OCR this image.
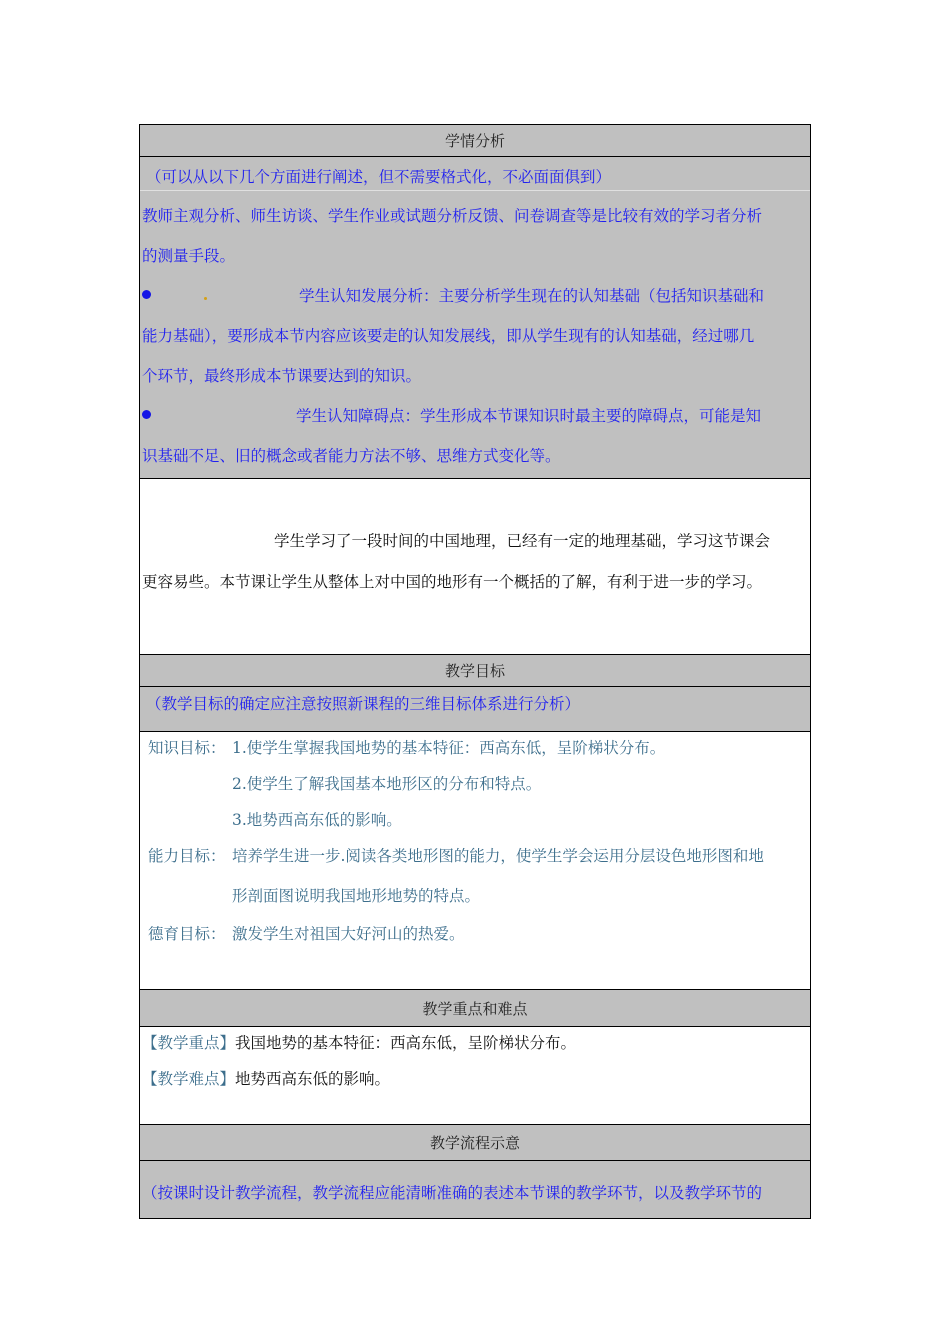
学情分析
（可以从以下几个方面进行阐述，但不需要格式化，不必面面俱到）
教师主观分析、师生访谈、学生作业或试题分析反馈、问卷调查等是比较有效的学习者分析
的测量手段。
学生认知发展分析：主要分析学生现在的认知基础（包括知识基础和
能力基础），要形成本节内容应该要走的认知发展线，即从学生现有的认知基础，经过哪几
个环节，最终形成本节课要达到的知识。
学生认知障碍点：学生形成本节课知识时最主要的障碍点，可能是知
识基础不足、旧的概念或者能力方法不够、思维方式变化等。
学生学习了一段时间的中国地理，已经有一定的地理基础，学习这节课会
更容易些。本节课让学生从整体上对中国的地形有一个概括的了解，有利于进一步的学习。
教学目标
（教学目标的确定应注意按照新课程的三维目标体系进行分析）
知识目标： 1.使学生掌握我国地势的基本特征：西高东低，呈阶梯状分布。
2.使学生了解我国基本地形区的分布和特点。
3.地势西高东低的影响。
能力目标： 培养学生进一步.阅读各类地形图的能力，使学生学会运用分层设色地形图和地
形剖面图说明我国地形地势的特点。
德育目标： 激发学生对祖国大好河山的热爱。
教学重点和难点
【教学重点】我国地势的基本特征：西高东低，呈阶梯状分布。
【教学难点】地势西高东低的影响。
教学流程示意
（按课时设计教学流程，教学流程应能清晰准确的表述本节课的教学环节，以及教学环节的
